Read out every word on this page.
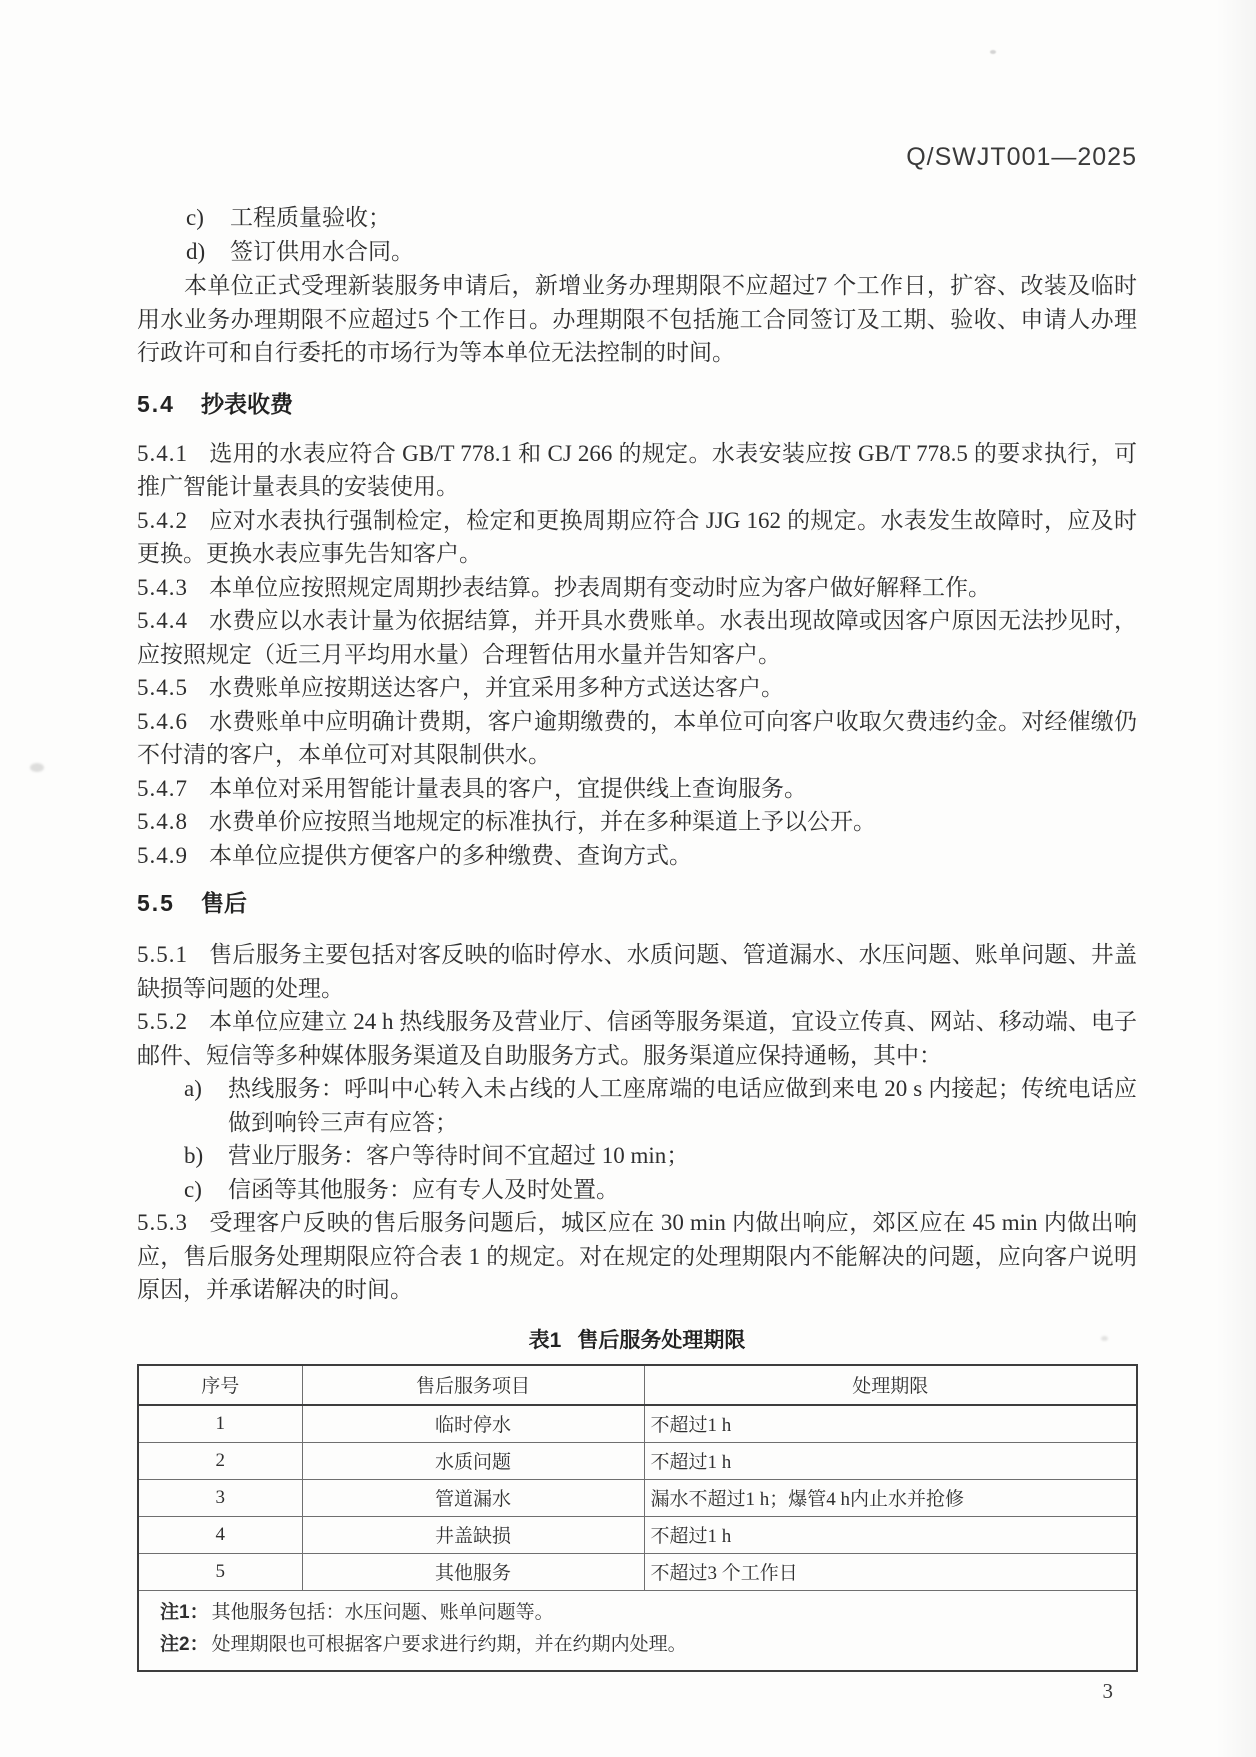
Q/SWJT001—2025
c) 工程质量验收；
d) 签订供用水合同。

本单位正式受理新装服务申请后，新增业务办理期限不应超过7 个工作日，扩容、改装及临时用水业务办理期限不应超过5 个工作日。办理期限不包括施工合同签订及工期、验收、申请人办理行政许可和自行委托的市场行为等本单位无法控制的时间。

5.4 抄表收费

5.4.1 选用的水表应符合 GB/T 778.1 和 CJ 266 的规定。水表安装应按 GB/T 778.5 的要求执行，可推广智能计量表具的安装使用。

5.4.2 应对水表执行强制检定，检定和更换周期应符合 JJG 162 的规定。水表发生故障时，应及时更换。更换水表应事先告知客户。

5.4.3 本单位应按照规定周期抄表结算。抄表周期有变动时应为客户做好解释工作。

5.4.4 水费应以水表计量为依据结算，并开具水费账单。水表出现故障或因客户原因无法抄见时，应按照规定（近三月平均用水量）合理暂估用水量并告知客户。

5.4.5 水费账单应按期送达客户，并宜采用多种方式送达客户。

5.4.6 水费账单中应明确计费期，客户逾期缴费的，本单位可向客户收取欠费违约金。对经催缴仍不付清的客户，本单位可对其限制供水。

5.4.7 本单位对采用智能计量表具的客户，宜提供线上查询服务。

5.4.8 水费单价应按照当地规定的标准执行，并在多种渠道上予以公开。

5.4.9 本单位应提供方便客户的多种缴费、查询方式。

5.5 售后

5.5.1 售后服务主要包括对客反映的临时停水、水质问题、管道漏水、水压问题、账单问题、井盖缺损等问题的处理。

5.5.2 本单位应建立 24 h 热线服务及营业厅、信函等服务渠道，宜设立传真、网站、移动端、电子邮件、短信等多种媒体服务渠道及自助服务方式。服务渠道应保持通畅，其中：

a) 热线服务：呼叫中心转入未占线的人工座席端的电话应做到来电 20 s 内接起；传统电话应做到响铃三声有应答；
b) 营业厅服务：客户等待时间不宜超过 10 min；
c) 信函等其他服务：应有专人及时处置。

5.5.3 受理客户反映的售后服务问题后，城区应在 30 min 内做出响应，郊区应在 45 min 内做出响应，售后服务处理期限应符合表 1 的规定。对在规定的处理期限内不能解决的问题，应向客户说明原因，并承诺解决的时间。

表1 售后服务处理期限
序号	售后服务项目	处理期限
1	临时停水	不超过1 h
2	水质问题	不超过1 h
3	管道漏水	漏水不超过1 h；爆管4 h内止水并抢修
4	井盖缺损	不超过1 h
5	其他服务	不超过3 个工作日

注1： 其他服务包括：水压问题、账单问题等。
注2： 处理期限也可根据客户要求进行约期，并在约期内处理。		
3
